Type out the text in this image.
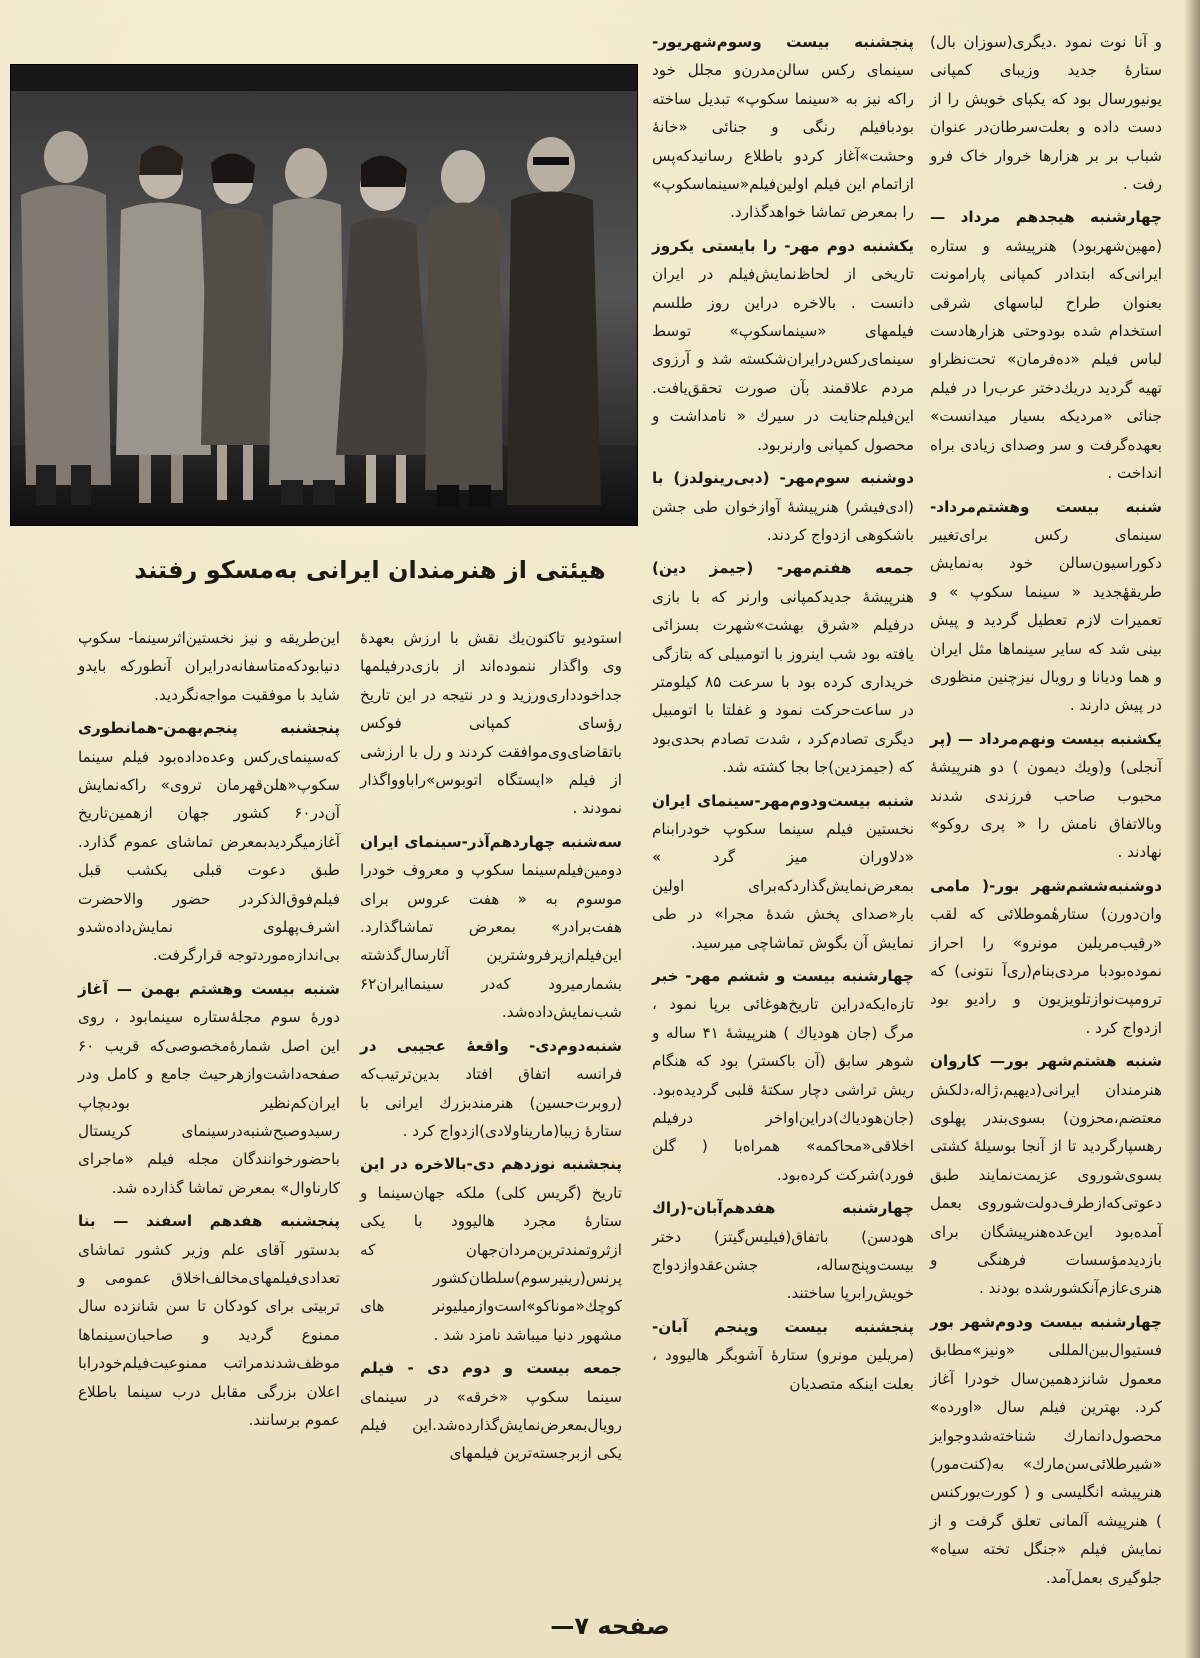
و آنا نوت نمود .دیگری(سوزان بال) ستارهٔ جدید وزیبای کمپانی یونیورسال بود که یکپای خویش را از دست داده و بعلت‌سرطان‌در عنوان شباب بر بر هزارها خروار خاک فرو رفت .

چهارشنبه هیجدهم مرداد — (مهین‌شهربود) هنرپیشه و ستاره ایرانی‌که ابتدادر کمپانی پارامونت بعنوان طراح لباسهای شرقی استخدام شده بودوحتی هزارهادست لباس فیلم «ده‌فرمان» تحت‌نظراو تهیه گردید دریك‌دختر عرب‌را در فیلم جنائی «مردیکه بسیار میدانست» بعهده‌گرفت و سر وصدای زیادی براه انداخت .

شنبه بیست وهشتم‌مرداد-سینمای رکس برای‌تغییر دکوراسیون‌سالن خود به‌نمایش طریقهٔجدید « سینما سکوپ » و تعمیرات لازم تعطیل گردید و پیش بینی شد که سایر سینماها مثل ایران و هما ودیانا و رویال نیزچنین منظوری در پیش دارند .

یکشنبه بیست ونهم‌مرداد — (پر آنجلی) و(ویك دیمون ) دو هنرپیشهٔ محبوب صاحب فرزندی شدند وبالاتفاق نامش را « پری روکو» نهادند .

دوشنبه‌ششم‌شهر بور-( مامی وان‌دورن) ستارهٔموطلائی که لقب «رقیب‌مریلین مونرو» را احراز نموده‌بودبا مردی‌بنام(ری‌آ نتونی) که ترومپت‌نوازتلویزیون و رادیو بود ازدواج کرد .

شنبه هشتم‌شهر بور— کاروان هنرمندان ایرانی(دیهیم،ژاله،دلکش معتضم،محزون) بسوی‌بندر پهلوی رهسپارگردید تا از آنجا بوسیلهٔ کشتی بسوی‌شوروی عزیمت‌نمایند طبق دعوتی‌که‌ازطرف‌دولت‌شوروی بعمل آمده‌بود این‌عده‌هنرپیشگان برای بازدیدمؤسسات فرهنگی و هنری‌عازم‌آنکشورشده بودند .

چهارشنبه بیست ودوم‌شهر بور فستیوال‌بین‌المللی «ونیز»‌مطابق معمول شانزدهمین‌سال خود‌را آغاز کرد. بهترین فیلم سال «اورده» محصول‌دانمارك شناخته‌شدوجوایز «شیرطلائی‌سن‌مارك» به(کنت‌مور) هنرپیشه انگلیسی و ( کورت‌یورکنس ) هنرپیشه آلمانی تعلق گرفت و از نمایش فیلم «جنگل تخته سیاه» جلوگیری بعمل‌آمد.

پنجشنبه بیست وسوم‌شهریور- سینمای رکس سالن‌مدرن‌و مجلل خود را‌که نیز به «سینما سکوپ» تبدیل ساخته بودبافیلم رنگی و جنائی «خانهٔ وحشت»آغاز کرد‌و باطلاع رسانید‌که‌پس ازاتمام این فیلم اولین‌فیلم«سینماسکوپ» را بمعرض تماشا خواهدگذارد.

یکشنبه دوم مهر- را بایستی یکروز تاریخی از لحاظ‌نمایش‌فیلم در ایران دانست . بالاخره دراین روز طلسم فیلمهای «سینماسکوپ» توسط سینمای‌رکس‌در‌ایران‌شکسته شد و آرزوی مردم علاقمند بآن صورت تحقق‌یافت. این‌فیلم‌جنایت در سیرك « نامداشت و محصول کمپانی وارنربود.

دوشنبه سوم‌مهر- (دبی‌رینولدز) با (ادی‌فیشر) هنرپیشهٔ آوازخوان طی جشن باشکوهی ازدواج کردند.

جمعه هفتم‌مهر- (جیمز دین) هنرپیشهٔ جدیدکمپانی وارنر که با بازی درفیلم «شرق بهشت»شهرت بسزائی یافته بود شب اینروز با اتومبیلی که بتازگی خریداری کرده بود با سرعت ۸۵ کیلومتر در ساعت‌حرکت نمود و غفلتا با اتومبیل دیگری تصادم‌کرد ، شدت تصادم بحدی‌بود که (جیمزدین)جا بجا کشته شد.

شنبه بیست‌ودوم‌مهر-سینمای ایران نخستین فیلم سینما سکوپ خود‌را‌بنام «دلاوران میز گرد » بمعرض‌نمایش‌گذارد‌که‌برای اولین بار«صدای پخش شدهٔ مجرا» در طی نمایش آن بگوش تماشاچی میرسید.

چهارشنبه بیست و ششم مهر- خبر تازه‌ایکه‌دراین تاریخ‌هوغائی برپا نمود ، مرگ (جان هودیاك ) هنرپیشهٔ ۴۱ ساله و شوهر سابق (آن باکستر) بود که هنگام ریش تراشی دچار سکتهٔ قلبی گردیده‌بود. (جان‌هودیاك)دراین‌اواخر درفیلم اخلاقی«محاکمه» همراه‌با ( گلن فورد)شرکت کرده‌بود.

چهارشنبه هفدهم‌آبان-(راك هودسن) باتفاق(فیلیس‌گیتز) دختر بیست‌وپنج‌ساله، جشن‌عقدو‌ازدواج خویش‌را‌برپا ساختند.

پنجشنبه بیست وپنجم آبان- (مریلین مونرو) ستارهٔ آشوبگر هالیوود ، بعلت اینکه متصدیان

هیئتی از هنرمندان ایرانی به‌مسکو رفتند

استودیو تاکنون‌یك نقش با ارزش بعهدهٔ وی واگذار ننموده‌اند از بازی‌درفیلمها جدا‌خودداری‌ورزید و در نتیجه در این تاریخ رؤسای کمپانی فوکس باتقاضای‌وی‌موافقت کردند و رل با ارزشی از فیلم «ایستگاه اتوبوس»‌راباو‌واگذار نمودند .

سه‌شنبه چهاردهم‌آذر-سینمای ایران دومین‌فیلم‌سینما سکوپ و معروف خود‌را موسوم به « هفت عروس برای هفت‌برادر» بمعرض تماشاگذارد. این‌فیلم‌از‌پرفروشترین آثار‌سال‌گذشته بشمارمیرود که‌در سینما‌ایران۶۲ شب‌نمایش‌داده‌شد.

شنبه‌دوم‌دی- واقعهٔ عجیبی در فرانسه اتفاق افتاد بدین‌ترتیب‌که (روبرت‌حسین) هنرمند‌بزرك ایرانی با ستارهٔ زیبا(ماریناولادی)ازدواج کرد .

پنجشنبه نوزدهم دی-بالاخره در این تاریخ (گریس کلی) ملکه جهان‌سینما و ستارهٔ مجرد هالیوود با یکی از‌ثروتمندترین‌مردان‌جهان که پرنس(رینیر‌سوم)سلطان‌کشور کوچك«موناکو»‌است‌و‌ازمیلیونر های مشهور دنیا میباشد نامزد شد .

جمعه بیست و دوم دی - فیلم سینما سکوپ «خرقه» در سینمای رویال‌بمعرض‌نمایش‌گذارده‌شد.این فیلم یکی ازبرجسته‌ترین فیلمهای

این‌طریقه و نیز نخستین‌اثرسینما- سکوپ دنیابود‌که‌متاسفانه‌درایران آنطورکه بایدو شاید با موفقیت مواجه‌نگردید.

پنجشنبه پنجم‌بهمن-همانطوری که‌سینمای‌رکس وعده‌داده‌بود فیلم سینما سکوپ«هلن‌قهرمان تروی» را‌که‌نمایش آن‌در۶۰ کشور جهان از‌همین‌تاریخ آغازمیگردید‌بمعرض تماشای عموم گذارد. طبق دعوت قبلی یکشب قبل فیلم‌فوق‌الذکر‌در حضور والاحضرت اشرف‌پهلوی نمایش‌داده‌شدو بی‌اندازه‌مورد‌توجه قرار‌گرفت.

شنبه بیست وهشتم بهمن — آغاز دورهٔ سوم مجلهٔ‌ستاره سینمابود ، روی این اصل شمارهٔ‌مخصوصی‌که قریب ۶۰ صفحه‌داشت‌وازهرحیث جامع و کامل ودر ایران‌کم‌نظیر بود‌بچاپ رسید‌وصبح‌شنبه‌درسینمای کریستال باحضورخوانندگان مجله فیلم «ماجرای کارناوال» بمعرض تماشا گذارده شد.

پنجشنبه هفدهم اسفند — بنا بدستور آقای علم وزیر کشور تماشای تعدادی‌فیلمهای‌مخالف‌اخلاق عمومی و تربیتی برای کودکان تا سن شانزده سال ممنوع گردید و صاحبان‌سینماها موظف‌شدند‌مراتب ممنوعیت‌فیلم‌خودرا‌با اعلان بزرگی مقابل درب سینما باطلاع عموم برسانند.

صفحه ۷—
